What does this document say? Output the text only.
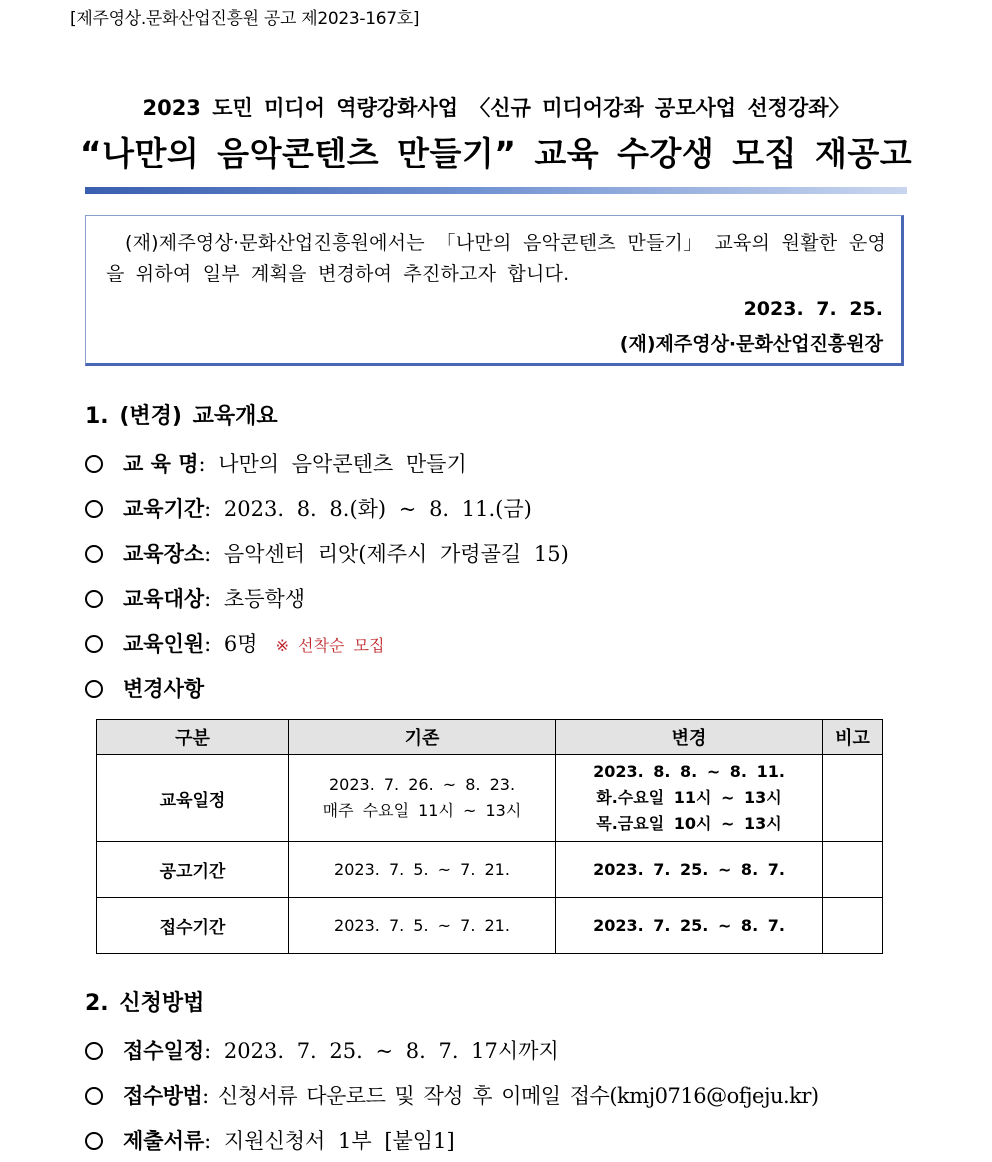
[제주영상.문화산업진흥원 공고 제2023-167호]
2023 도민 미디어 역량강화사업 〈신규 미디어강좌 공모사업 선정강좌〉
“나만의 음악콘텐츠 만들기” 교육 수강생 모집 재공고
(재)제주영상·문화산업진흥원에서는 「나만의 음악콘텐츠 만들기」 교육의 원활한 운영을 위하여 일부 계획을 변경하여 추진하고자 합니다.
2023. 7. 25.
(재)제주영상·문화산업진흥원장
1. (변경) 교육개요
교 육 명: 나만의 음악콘텐츠 만들기
교육기간: 2023. 8. 8.(화) ~ 8. 11.(금)
교육장소: 음악센터 리앗(제주시 가령골길 15)
교육대상: 초등학생
교육인원: 6명 ※ 선착순 모집
변경사항
구분	기존	변경	비고
교육일정	2023. 7. 26. ~ 8. 23.
매주 수요일 11시 ~ 13시	2023. 8. 8. ~ 8. 11.
화.수요일 11시 ~ 13시
목.금요일 10시 ~ 13시	

공고기간	2023. 7. 5. ~ 7. 21.	2023. 7. 25. ~ 8. 7.	

접수기간	2023. 7. 5. ~ 7. 21.	2023. 7. 25. ~ 8. 7.	

2. 신청방법
접수일정: 2023. 7. 25. ~ 8. 7. 17시까지
접수방법: 신청서류 다운로드 및 작성 후 이메일 접수(kmj0716@ofjeju.kr)
제출서류: 지원신청서 1부 [붙임1]
